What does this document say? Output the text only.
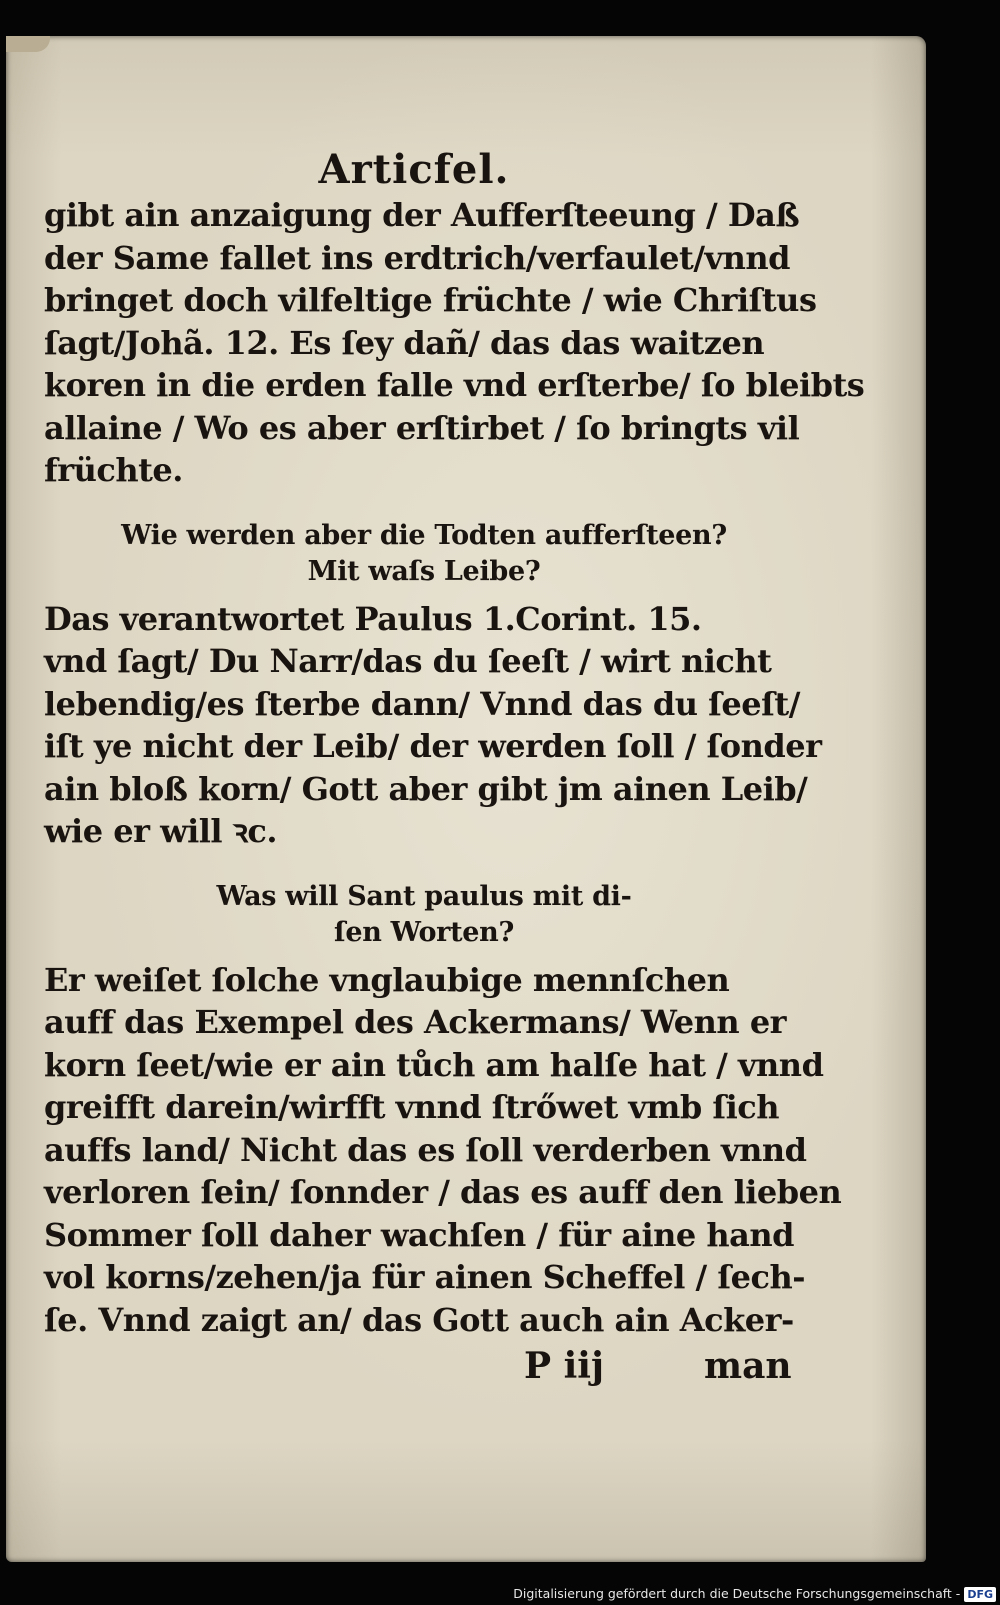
Articfel.
gibt ain anzaigung der Aufferſteeung / Daß
der Same fallet ins erdtrich/verfaulet/vnnd
bringet doch vilfeltige früchte / wie Chriſtus
ſagt/Johã. 12. Es ſey dañ/ das das waitzen
koren in die erden falle vnd erſterbe/ ſo bleibts
allaine / Wo es aber erſtirbet / ſo bringts vil
früchte.
Wie werden aber die Todten aufferſteen?
Mit waſs Leibe?
Das verantwortet Paulus 1.Corint. 15.
vnd ſagt/ Du Narr/das du ſeeſt / wirt nicht
lebendig/es ſterbe dann/ Vnnd das du ſeeſt/
iſt ye nicht der Leib/ der werden ſoll / ſonder
ain bloß korn/ Gott aber gibt jm ainen Leib/
wie er will ꝛc.
Was will Sant paulus mit di-
ſen Worten?
Er weiſet ſolche vnglaubige mennſchen
auff das Exempel des Ackermans/ Wenn er
korn ſeet/wie er ain tůch am halſe hat / vnnd
greifft darein/wirfft vnnd ſtrőwet vmb ſich
auffs land/ Nicht das es ſoll verderben vnnd
verloren ſein/ ſonnder / das es auff den lieben
Sommer ſoll daher wachſen / für aine hand
vol korns/zehen/ja für ainen Scheffel / ſech-
ſe. Vnnd zaigt an/ das Gott auch ain Acker-
P iij	man
Digitalisierung gefördert durch die Deutsche Forschungsgemeinschaft - DFG
